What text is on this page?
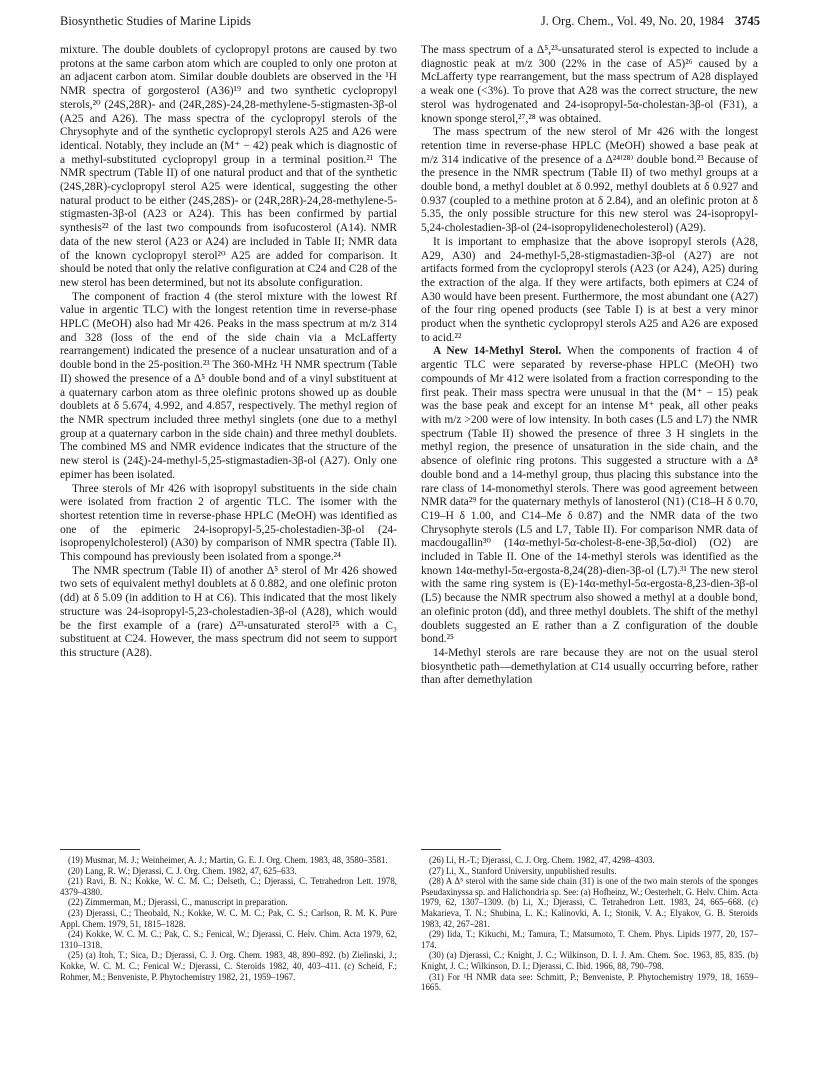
Biosynthetic Studies of Marine Lipids	J. Org. Chem., Vol. 49, No. 20, 1984 3745

mixture. The double doublets of cyclopropyl protons are caused by two protons at the same carbon atom which are coupled to only one proton at an adjacent carbon atom. Similar double doublets are observed in the ¹H NMR spectra of gorgosterol (A36)¹⁹ and two synthetic cyclopropyl sterols,²⁰ (24S,28R)- and (24R,28S)-24,28-methylene-5-stigmasten-3β-ol (A25 and A26). The mass spectra of the cyclopropyl sterols of the Chrysophyte and of the synthetic cyclopropyl sterols A25 and A26 were identical. Notably, they include an (M⁺ − 42) peak which is diagnostic of a methyl-substituted cyclopropyl group in a terminal position.²¹ The NMR spectrum (Table II) of one natural product and that of the synthetic (24S,28R)-cyclopropyl sterol A25 were identical, suggesting the other natural product to be either (24S,28S)- or (24R,28R)-24,28-methylene-5-stigmasten-3β-ol (A23 or A24). This has been confirmed by partial synthesis²² of the last two compounds from isofucosterol (A14). NMR data of the new sterol (A23 or A24) are included in Table II; NMR data of the known cyclopropyl sterol²⁰ A25 are added for comparison. It should be noted that only the relative configuration at C24 and C28 of the new sterol has been determined, but not its absolute configuration.

The component of fraction 4 (the sterol mixture with the lowest Rf value in argentic TLC) with the longest retention time in reverse-phase HPLC (MeOH) also had Mr 426. Peaks in the mass spectrum at m/z 314 and 328 (loss of the end of the side chain via a McLafferty rearrangement) indicated the presence of a nuclear unsaturation and of a double bond in the 25-position.²³ The 360-MHz ¹H NMR spectrum (Table II) showed the presence of a Δ⁵ double bond and of a vinyl substituent at a quaternary carbon atom as three olefinic protons showed up as double doublets at δ 5.674, 4.992, and 4.857, respectively. The methyl region of the NMR spectrum included three methyl singlets (one due to a methyl group at a quaternary carbon in the side chain) and three methyl doublets. The combined MS and NMR evidence indicates that the structure of the new sterol is (24ξ)-24-methyl-5,25-stigmastadien-3β-ol (A27). Only one epimer has been isolated.

Three sterols of Mr 426 with isopropyl substituents in the side chain were isolated from fraction 2 of argentic TLC. The isomer with the shortest retention time in reverse-phase HPLC (MeOH) was identified as one of the epimeric 24-isopropyl-5,25-cholestadien-3β-ol (24-isopropenylcholesterol) (A30) by comparison of NMR spectra (Table II). This compound has previously been isolated from a sponge.²⁴

The NMR spectrum (Table II) of another Δ⁵ sterol of Mr 426 showed two sets of equivalent methyl doublets at δ 0.882, and one olefinic proton (dd) at δ 5.09 (in addition to H at C6). This indicated that the most likely structure was 24-isopropyl-5,23-cholestadien-3β-ol (A28), which would be the first example of a (rare) Δ²³-unsaturated sterol²⁵ with a C₃ substituent at C24. However, the mass spectrum did not seem to support this structure (A28).

The mass spectrum of a Δ⁵,²³-unsaturated sterol is expected to include a diagnostic peak at m/z 300 (22% in the case of A5)²⁶ caused by a McLafferty type rearrangement, but the mass spectrum of A28 displayed a weak one (<3%). To prove that A28 was the correct structure, the new sterol was hydrogenated and 24-isopropyl-5α-cholestan-3β-ol (F31), a known sponge sterol,²⁷,²⁸ was obtained.

The mass spectrum of the new sterol of Mr 426 with the longest retention time in reverse-phase HPLC (MeOH) showed a base peak at m/z 314 indicative of the presence of a Δ²⁴⁽²⁸⁾ double bond.²³ Because of the presence in the NMR spectrum (Table II) of two methyl groups at a double bond, a methyl doublet at δ 0.992, methyl doublets at δ 0.927 and 0.937 (coupled to a methine proton at δ 2.84), and an olefinic proton at δ 5.35, the only possible structure for this new sterol was 24-isopropyl-5,24-cholestadien-3β-ol (24-isopropylidenecholesterol) (A29).

It is important to emphasize that the above isopropyl sterols (A28, A29, A30) and 24-methyl-5,28-stigmastadien-3β-ol (A27) are not artifacts formed from the cyclopropyl sterols (A23 (or A24), A25) during the extraction of the alga. If they were artifacts, both epimers at C24 of A30 would have been present. Furthermore, the most abundant one (A27) of the four ring opened products (see Table I) is at best a very minor product when the synthetic cyclopropyl sterols A25 and A26 are exposed to acid.²²

A New 14-Methyl Sterol. When the components of fraction 4 of argentic TLC were separated by reverse-phase HPLC (MeOH) two compounds of Mr 412 were isolated from a fraction corresponding to the first peak. Their mass spectra were unusual in that the (M⁺ − 15) peak was the base peak and except for an intense M⁺ peak, all other peaks with m/z >200 were of low intensity. In both cases (L5 and L7) the NMR spectrum (Table II) showed the presence of three 3 H singlets in the methyl region, the presence of unsaturation in the side chain, and the absence of olefinic ring protons. This suggested a structure with a Δ⁸ double bond and a 14-methyl group, thus placing this substance into the rare class of 14-monomethyl sterols. There was good agreement between NMR data²⁹ for the quaternary methyls of lanosterol (N1) (C18–H δ 0.70, C19–H δ 1.00, and C14–Me δ 0.87) and the NMR data of the two Chrysophyte sterols (L5 and L7, Table II). For comparison NMR data of macdougallin³⁰ (14α-methyl-5α-cholest-8-ene-3β,5α-diol) (O2) are included in Table II. One of the 14-methyl sterols was identified as the known 14α-methyl-5α-ergosta-8,24(28)-dien-3β-ol (L7).³¹ The new sterol with the same ring system is (E)-14α-methyl-5α-ergosta-8,23-dien-3β-ol (L5) because the NMR spectrum also showed a methyl at a double bond, an olefinic proton (dd), and three methyl doublets. The shift of the methyl doublets suggested an E rather than a Z configuration of the double bond.²⁵

14-Methyl sterols are rare because they are not on the usual sterol biosynthetic path—demethylation at C14 usually occurring before, rather than after demethylation

(19) Musmar, M. J.; Weinheimer, A. J.; Martin, G. E. J. Org. Chem. 1983, 48, 3580–3581.

(20) Lang, R. W.; Djerassi, C. J. Org. Chem. 1982, 47, 625–633.

(21) Ravi, B. N.; Kokke, W. C. M. C.; Delseth, C.; Djerassi, C. Tetrahedron Lett. 1978, 4379–4380.

(22) Zimmerman, M.; Djerassi, C., manuscript in preparation.

(23) Djerassi, C.; Theobald, N.; Kokke, W. C. M. C.; Pak, C. S.; Carlson, R. M. K. Pure Appl. Chem. 1979, 51, 1815–1828.

(24) Kokke, W. C. M. C.; Pak, C. S.; Fenical, W.; Djerassi, C. Helv. Chim. Acta 1979, 62, 1310–1318.

(25) (a) Itoh, T.; Sica, D.; Djerassi, C. J. Org. Chem. 1983, 48, 890–892. (b) Zielinski, J.; Kokke, W. C. M. C.; Fenical W.; Djerassi, C. Steroids 1982, 40, 403–411. (c) Scheid, F.; Rohmer, M.; Benveniste, P. Phytochemistry 1982, 21, 1959–1967.

(26) Li, H.-T.; Djerassi, C. J. Org. Chem. 1982, 47, 4298–4303.

(27) Li, X., Stanford University, unpublished results.

(28) A Δ⁵ sterol with the same side chain (31) is one of the two main sterols of the sponges Pseudaxinyssa sp. and Halichondria sp. See: (a) Hofheinz, W.; Oesterhelt, G. Helv. Chim. Acta 1979, 62, 1307–1309. (b) Li, X.; Djerassi, C. Tetrahedron Lett. 1983, 24, 665–668. (c) Makarieva, T. N.; Shubina, L. K.; Kalinovki, A. I.; Stonik, V. A.; Elyakov, G. B. Steroids 1983, 42, 267–281.

(29) Iida, T.; Kikuchi, M.; Tamura, T.; Matsumoto, T. Chem. Phys. Lipids 1977, 20, 157–174.

(30) (a) Djerassi, C.; Knight, J. C.; Wilkinson, D. I. J. Am. Chem. Soc. 1963, 85, 835. (b) Knight, J. C.; Wilkinson, D. I.; Djerassi, C. Ibid. 1966, 88, 790–798.

(31) For ¹H NMR data see: Schmitt, P.; Benveniste, P. Phytochemistry 1979, 18, 1659–1665.
